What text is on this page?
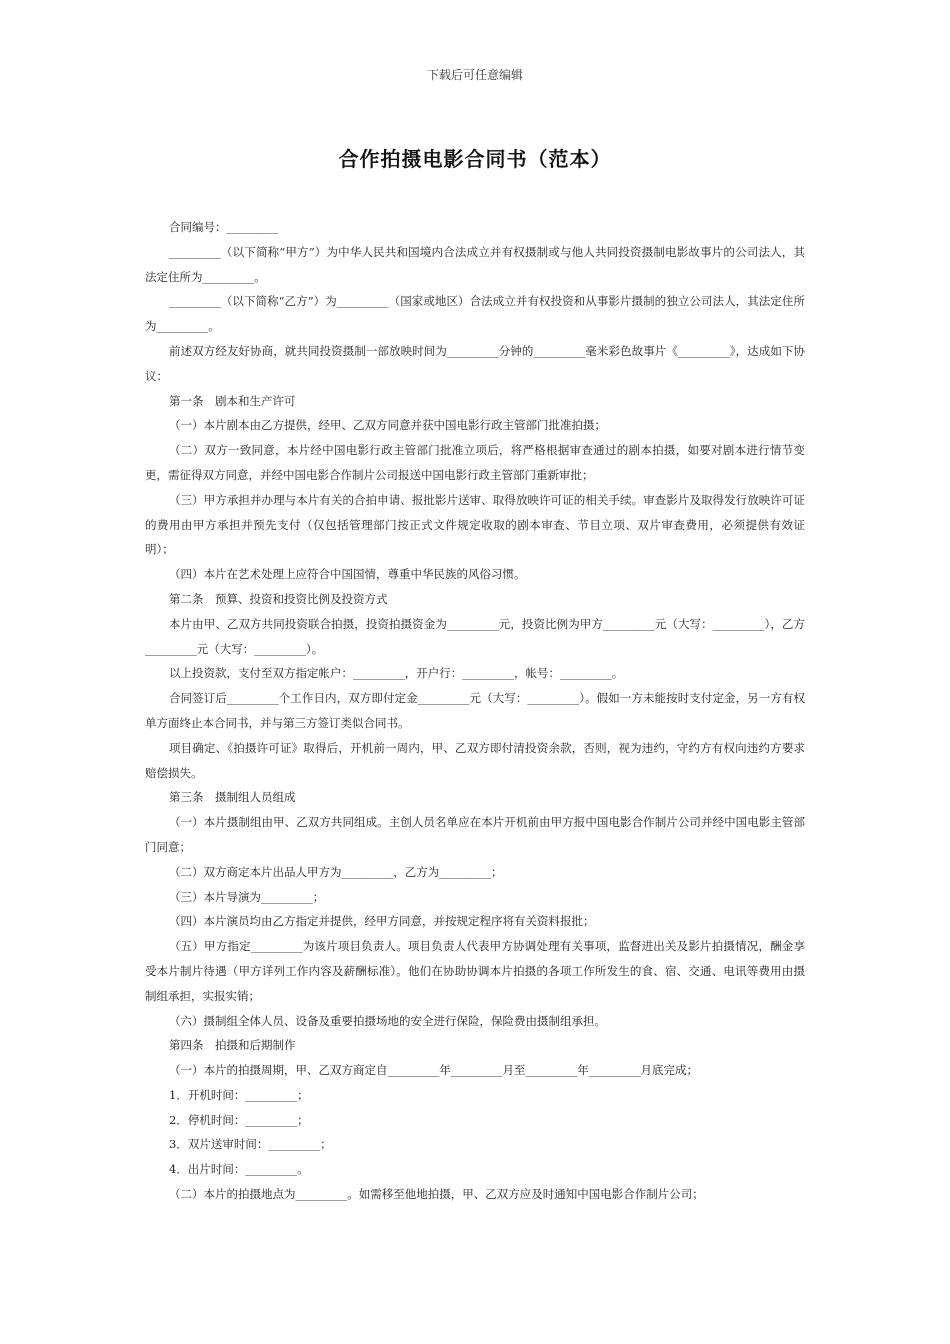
下载后可任意编辑
合作拍摄电影合同书（范本）

合同编号：_________

_________（以下简称“甲方”）为中华人民共和国境内合法成立并有权摄制或与他人共同投资摄制电影故事片的公司法人，其法定住所为_________。

_________（以下简称“乙方”）为_________（国家或地区）合法成立并有权投资和从事影片摄制的独立公司法人，其法定住所为_________。

前述双方经友好协商，就共同投资摄制一部放映时间为_________分钟的_________毫米彩色故事片《_________》，达成如下协议：

第一条　剧本和生产许可

（一）本片剧本由乙方提供，经甲、乙双方同意并获中国电影行政主管部门批准拍摄；

（二）双方一致同意，本片经中国电影行政主管部门批准立项后，将严格根据审查通过的剧本拍摄，如要对剧本进行情节变更，需征得双方同意，并经中国电影合作制片公司报送中国电影行政主管部门重新审批；

（三）甲方承担并办理与本片有关的合拍申请、报批影片送审、取得放映许可证的相关手续。审查影片及取得发行放映许可证的费用由甲方承担并预先支付（仅包括管理部门按正式文件规定收取的剧本审查、节目立项、双片审查费用，必须提供有效证明）；

（四）本片在艺术处理上应符合中国国情，尊重中华民族的风俗习惯。

第二条　预算、投资和投资比例及投资方式

本片由甲、乙双方共同投资联合拍摄，投资拍摄资金为_________元，投资比例为甲方_________元（大写：_________），乙方_________元（大写：_________）。

以上投资款，支付至双方指定帐户：_________，开户行：_________，帐号：_________。

合同签订后_________个工作日内，双方即付定金_________元（大写：_________）。假如一方未能按时支付定金，另一方有权单方面终止本合同书，并与第三方签订类似合同书。

项目确定、《拍摄许可证》取得后，开机前一周内，甲、乙双方即付清投资余款，否则，视为违约，守约方有权向违约方要求赔偿损失。

第三条　摄制组人员组成

（一）本片摄制组由甲、乙双方共同组成。主创人员名单应在本片开机前由甲方报中国电影合作制片公司并经中国电影主管部门同意；

（二）双方商定本片出品人甲方为_________，乙方为_________；

（三）本片导演为_________；

（四）本片演员均由乙方指定并提供，经甲方同意，并按规定程序将有关资料报批；

（五）甲方指定_________为该片项目负责人。项目负责人代表甲方协调处理有关事项，监督进出关及影片拍摄情况，酬金享受本片制片待遇（甲方详列工作内容及薪酬标准）。他们在协助协调本片拍摄的各项工作所发生的食、宿、交通、电讯等费用由摄制组承担，实报实销；

（六）摄制组全体人员、设备及重要拍摄场地的安全进行保险，保险费由摄制组承担。

第四条　拍摄和后期制作

（一）本片的拍摄周期，甲、乙双方商定自_________年_________月至_________年_________月底完成；

1．开机时间：_________；

2．停机时间：_________；

3．双片送审时间：_________；

4．出片时间：_________。

（二）本片的拍摄地点为_________。如需移至他地拍摄，甲、乙双方应及时通知中国电影合作制片公司；
